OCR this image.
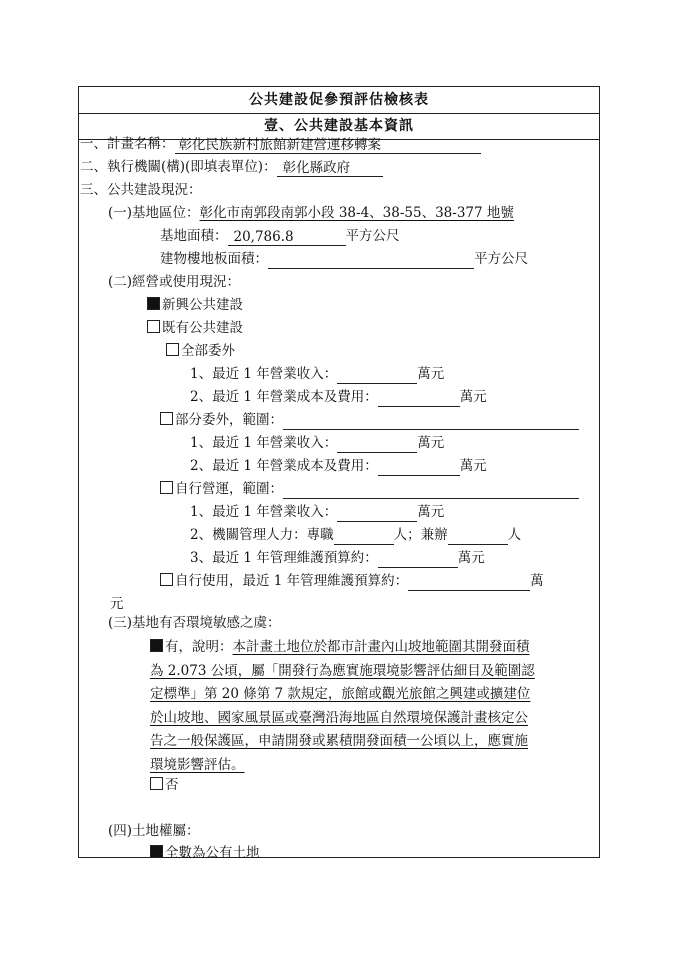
公共建設促參預評估檢核表
壹、公共建設基本資訊
一、計畫名稱： 彰化民族新村旅館新建營運移轉案
二、執行機關(構)(即填表單位)： 彰化縣政府
三、公共建設現況：
(一)基地區位：彰化市南郭段南郭小段 38-4、38-55、38-377 地號
基地面積： 20,786.8	平方公尺
建物樓地板面積：	平方公尺
(二)經營或使用現況：
新興公共建設
既有公共建設
全部委外
1、最近 1 年營業收入：	萬元
2、最近 1 年營業成本及費用：	萬元
部分委外，範圍：
1、最近 1 年營業收入：	萬元
2、最近 1 年營業成本及費用：	萬元
自行營運，範圍：
1、最近 1 年營業收入：	萬元
2、機關管理人力：專職	人；兼辦	人
3、最近 1 年管理維護預算約：	萬元
自行使用，最近 1 年管理維護預算約：	萬
元
(三)基地有否環境敏感之虞：
有，說明：本計畫土地位於都市計畫內山坡地範圍其開發面積
為 2.073 公頃，屬「開發行為應實施環境影響評估細目及範圍認
定標準」第 20 條第 7 款規定，旅館或觀光旅館之興建或擴建位
於山坡地、國家風景區或臺灣沿海地區自然環境保護計畫核定公
告之一般保護區，申請開發或累積開發面積一公頃以上，應實施
環境影響評估。
否
(四)土地權屬：
全數為公有土地
